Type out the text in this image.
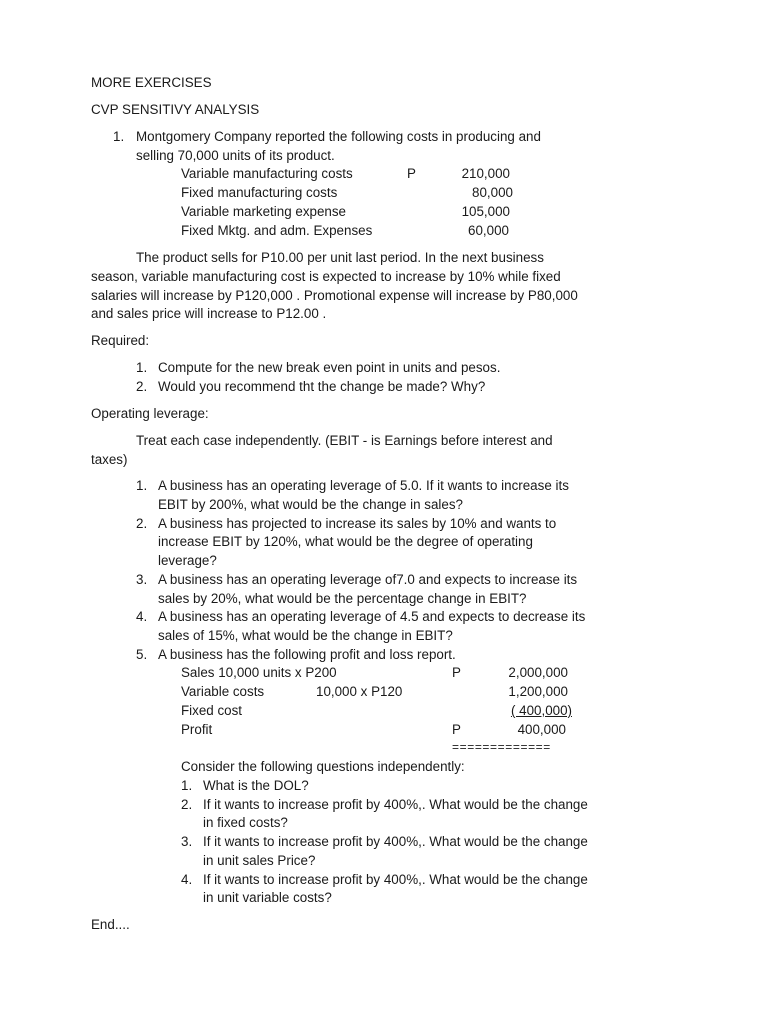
MORE EXERCISES
CVP SENSITIVY ANALYSIS
1. Montgomery Company reported the following costs in producing and
selling 70,000 units of its product.
Variable manufacturing costs	P	210,000
Fixed manufacturing costs	80,000
Variable marketing expense	105,000
Fixed Mktg. and adm. Expenses	60,000
The product sells for P10.00 per unit last period. In the next business
season, variable manufacturing cost is expected to increase by 10% while fixed
salaries will increase by P120,000 . Promotional expense will increase by P80,000
and sales price will increase to P12.00 .
Required:
1. Compute for the new break even point in units and pesos.
2. Would you recommend tht the change be made? Why?
Operating leverage:
Treat each case independently. (EBIT - is Earnings before interest and
taxes)
1. A business has an operating leverage of 5.0. If it wants to increase its
EBIT by 200%, what would be the change in sales?
2. A business has projected to increase its sales by 10% and wants to
increase EBIT by 120%, what would be the degree of operating
leverage?
3. A business has an operating leverage of7.0 and expects to increase its
sales by 20%, what would be the percentage change in EBIT?
4. A business has an operating leverage of 4.5 and expects to decrease its
sales of 15%, what would be the change in EBIT?
5. A business has the following profit and loss report.
Sales 10,000 units x P200	P	2,000,000
Variable costs	10,000 x P120	1,200,000
Fixed cost	( 400,000)
Profit	P	400,000
=============
Consider the following questions independently:
1. What is the DOL?
2. If it wants to increase profit by 400%,. What would be the change
in fixed costs?
3. If it wants to increase profit by 400%,. What would be the change
in unit sales Price?
4. If it wants to increase profit by 400%,. What would be the change
in unit variable costs?
End....
